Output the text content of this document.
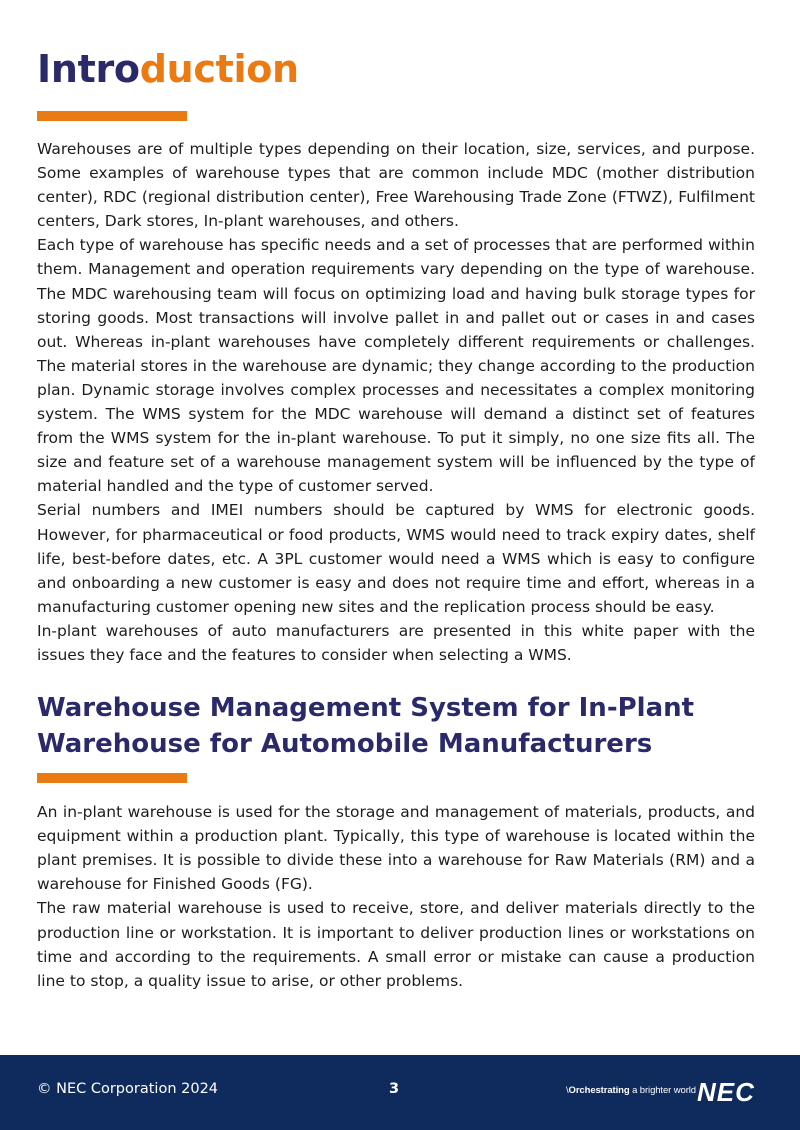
Introduction

Warehouses are of multiple types depending on their location, size, services, and purpose. Some examples of warehouse types that are common include MDC (mother distribution center), RDC (regional distribution center), Free Warehousing Trade Zone (FTWZ), Fulfilment centers, Dark stores, In-plant warehouses, and others.

Each type of warehouse has specific needs and a set of processes that are performed within them. Management and operation requirements vary depending on the type of warehouse. The MDC warehousing team will focus on optimizing load and having bulk storage types for storing goods. Most transactions will involve pallet in and pallet out or cases in and cases out. Whereas in-plant warehouses have completely different requirements or challenges. The material stores in the warehouse are dynamic; they change according to the production plan. Dynamic storage involves complex processes and necessitates a complex monitoring system. The WMS system for the MDC warehouse will demand a distinct set of features from the WMS system for the in-plant warehouse. To put it simply, no one size fits all. The size and feature set of a warehouse management system will be influenced by the type of material handled and the type of customer served.

Serial numbers and IMEI numbers should be captured by WMS for electronic goods. However, for pharmaceutical or food products, WMS would need to track expiry dates, shelf life, best-before dates, etc. A 3PL customer would need a WMS which is easy to configure and onboarding a new customer is easy and does not require time and effort, whereas in a manufacturing customer opening new sites and the replication process should be easy.

In-plant warehouses of auto manufacturers are presented in this white paper with the issues they face and the features to consider when selecting a WMS.

Warehouse Management System for In-Plant Warehouse for Automobile Manufacturers

An in-plant warehouse is used for the storage and management of materials, products, and equipment within a production plant. Typically, this type of warehouse is located within the plant premises. It is possible to divide these into a warehouse for Raw Materials (RM) and a warehouse for Finished Goods (FG).

The raw material warehouse is used to receive, store, and deliver materials directly to the production line or workstation. It is important to deliver production lines or workstations on time and according to the requirements. A small error or mistake can cause a production line to stop, a quality issue to arise, or other problems.

© NEC Corporation 2024	3	\Orchestrating a brighter world NEC
